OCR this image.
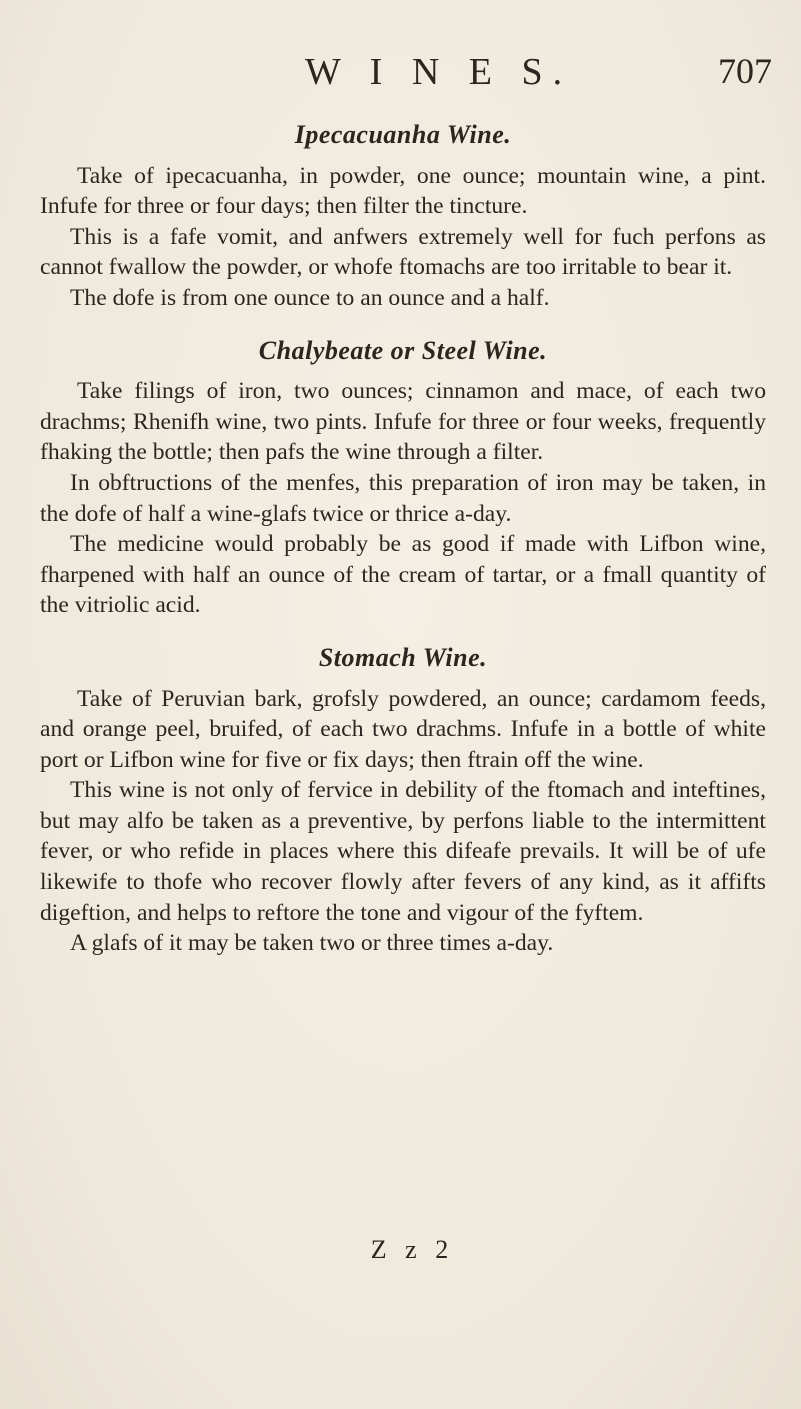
W I N E S.	707
Ipecacuanha Wine.

Take of ipecacuanha, in powder, one ounce; mountain wine, a pint. Infufe for three or four days; then filter the tincture.

This is a fafe vomit, and anfwers extremely well for fuch perfons as cannot fwallow the powder, or whofe ftomachs are too irritable to bear it.

The dofe is from one ounce to an ounce and a half.

Chalybeate or Steel Wine.

Take filings of iron, two ounces; cinnamon and mace, of each two drachms; Rhenifh wine, two pints. Infufe for three or four weeks, frequently fhaking the bottle; then pafs the wine through a filter.

In obftructions of the menfes, this preparation of iron may be taken, in the dofe of half a wine-glafs twice or thrice a-day.

The medicine would probably be as good if made with Lifbon wine, fharpened with half an ounce of the cream of tartar, or a fmall quantity of the vitriolic acid.

Stomach Wine.

Take of Peruvian bark, grofsly powdered, an ounce; cardamom feeds, and orange peel, bruifed, of each two drachms. Infufe in a bottle of white port or Lifbon wine for five or fix days; then ftrain off the wine.

This wine is not only of fervice in debility of the ftomach and inteftines, but may alfo be taken as a preventive, by perfons liable to the intermittent fever, or who refide in places where this difeafe prevails. It will be of ufe likewife to thofe who recover flowly after fevers of any kind, as it affifts digeftion, and helps to reftore the tone and vigour of the fyftem.

A glafs of it may be taken two or three times a-day.

Z z 2
